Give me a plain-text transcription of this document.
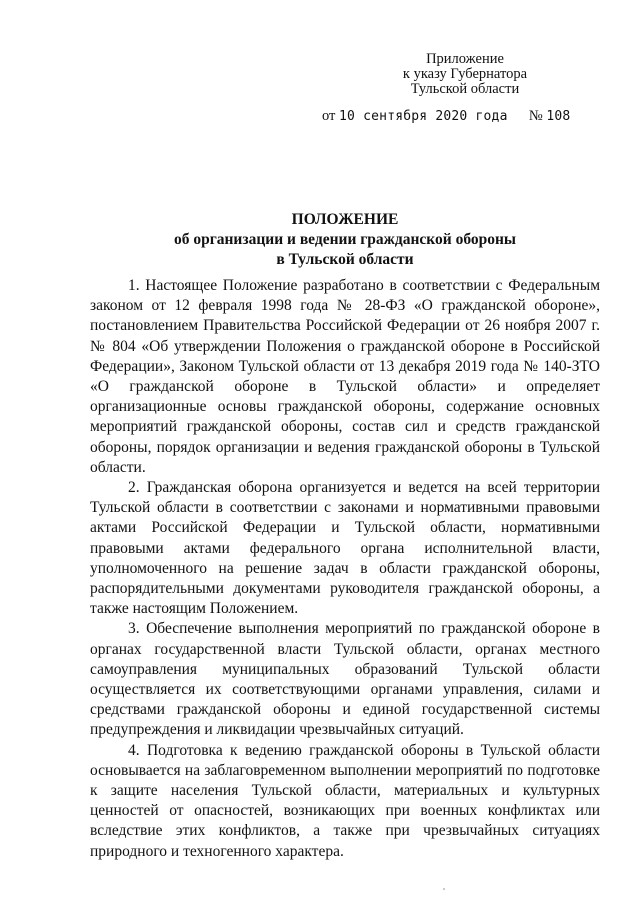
Приложение
к указу Губернатора
Тульской области
от 10 сентября 2020 года № 108
ПОЛОЖЕНИЕ
об организации и ведении гражданской обороны
в Тульской области

1. Настоящее Положение разработано в соответствии с Федеральным законом от 12 февраля 1998 года № 28-ФЗ «О гражданской обороне», постановлением Правительства Российской Федерации от 26 ноября 2007 г. № 804 «Об утверждении Положения о гражданской обороне в Российской Федерации», Законом Тульской области от 13 декабря 2019 года № 140-ЗТО «О гражданской обороне в Тульской области» и определяет организационные основы гражданской обороны, содержание основных мероприятий гражданской обороны, состав сил и средств гражданской обороны, порядок организации и ведения гражданской обороны в Тульской области.

2. Гражданская оборона организуется и ведется на всей территории Тульской области в соответствии с законами и нормативными правовыми актами Российской Федерации и Тульской области, нормативными правовыми актами федерального органа исполнительной власти, уполномоченного на решение задач в области гражданской обороны, распорядительными документами руководителя гражданской обороны, а также настоящим Положением.

3. Обеспечение выполнения мероприятий по гражданской обороне в органах государственной власти Тульской области, органах местного самоуправления муниципальных образований Тульской области осуществляется их соответствующими органами управления, силами и средствами гражданской обороны и единой государственной системы предупреждения и ликвидации чрезвычайных ситуаций.

4. Подготовка к ведению гражданской обороны в Тульской области основывается на заблаговременном выполнении мероприятий по подготовке к защите населения Тульской области, материальных и культурных ценностей от опасностей, возникающих при военных конфликтах или вследствие этих конфликтов, а также при чрезвычайных ситуациях природного и техногенного характера.
